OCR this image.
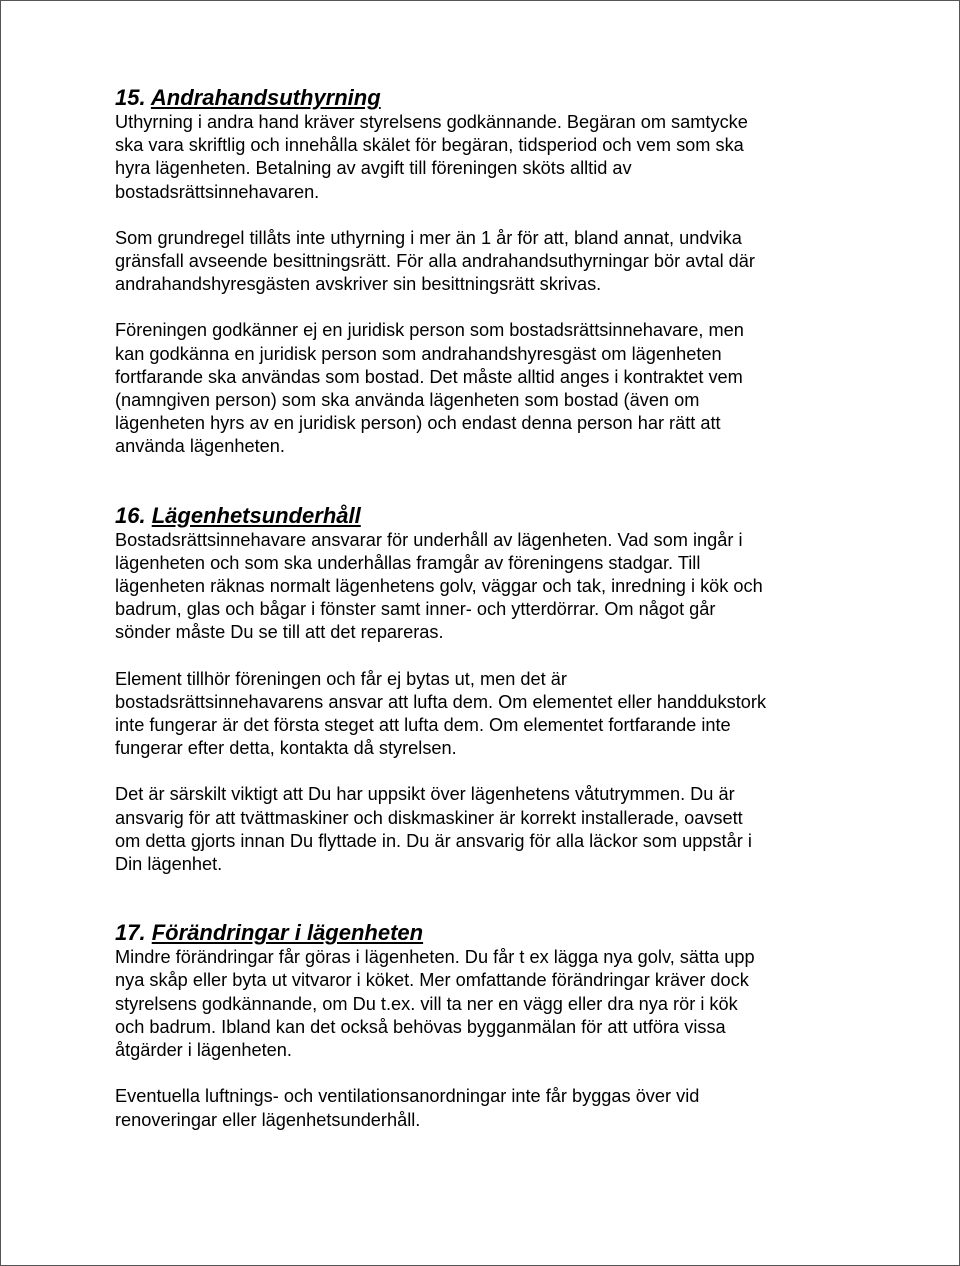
15. Andrahandsuthyrning

Uthyrning i andra hand kräver styrelsens godkännande. Begäran om samtycke
ska vara skriftlig och innehålla skälet för begäran, tidsperiod och vem som ska
hyra lägenheten. Betalning av avgift till föreningen sköts alltid av
bostadsrättsinnehavaren.

Som grundregel tillåts inte uthyrning i mer än 1 år för att, bland annat, undvika
gränsfall avseende besittningsrätt. För alla andrahandsuthyrningar bör avtal där
andrahandshyresgästen avskriver sin besittningsrätt skrivas.

Föreningen godkänner ej en juridisk person som bostadsrättsinnehavare, men
kan godkänna en juridisk person som andrahandshyresgäst om lägenheten
fortfarande ska användas som bostad. Det måste alltid anges i kontraktet vem
(namngiven person) som ska använda lägenheten som bostad (även om
lägenheten hyrs av en juridisk person) och endast denna person har rätt att
använda lägenheten.

16. Lägenhetsunderhåll

Bostadsrättsinnehavare ansvarar för underhåll av lägenheten. Vad som ingår i
lägenheten och som ska underhållas framgår av föreningens stadgar. Till
lägenheten räknas normalt lägenhetens golv, väggar och tak, inredning i kök och
badrum, glas och bågar i fönster samt inner- och ytterdörrar. Om något går
sönder måste Du se till att det repareras.

Element tillhör föreningen och får ej bytas ut, men det är
bostadsrättsinnehavarens ansvar att lufta dem. Om elementet eller handdukstork
inte fungerar är det första steget att lufta dem. Om elementet fortfarande inte
fungerar efter detta, kontakta då styrelsen.

Det är särskilt viktigt att Du har uppsikt över lägenhetens våtutrymmen. Du är
ansvarig för att tvättmaskiner och diskmaskiner är korrekt installerade, oavsett
om detta gjorts innan Du flyttade in. Du är ansvarig för alla läckor som uppstår i
Din lägenhet.

17. Förändringar i lägenheten

Mindre förändringar får göras i lägenheten. Du får t ex lägga nya golv, sätta upp
nya skåp eller byta ut vitvaror i köket. Mer omfattande förändringar kräver dock
styrelsens godkännande, om Du t.ex. vill ta ner en vägg eller dra nya rör i kök
och badrum. Ibland kan det också behövas bygganmälan för att utföra vissa
åtgärder i lägenheten.

Eventuella luftnings- och ventilationsanordningar inte får byggas över vid
renoveringar eller lägenhetsunderhåll.
